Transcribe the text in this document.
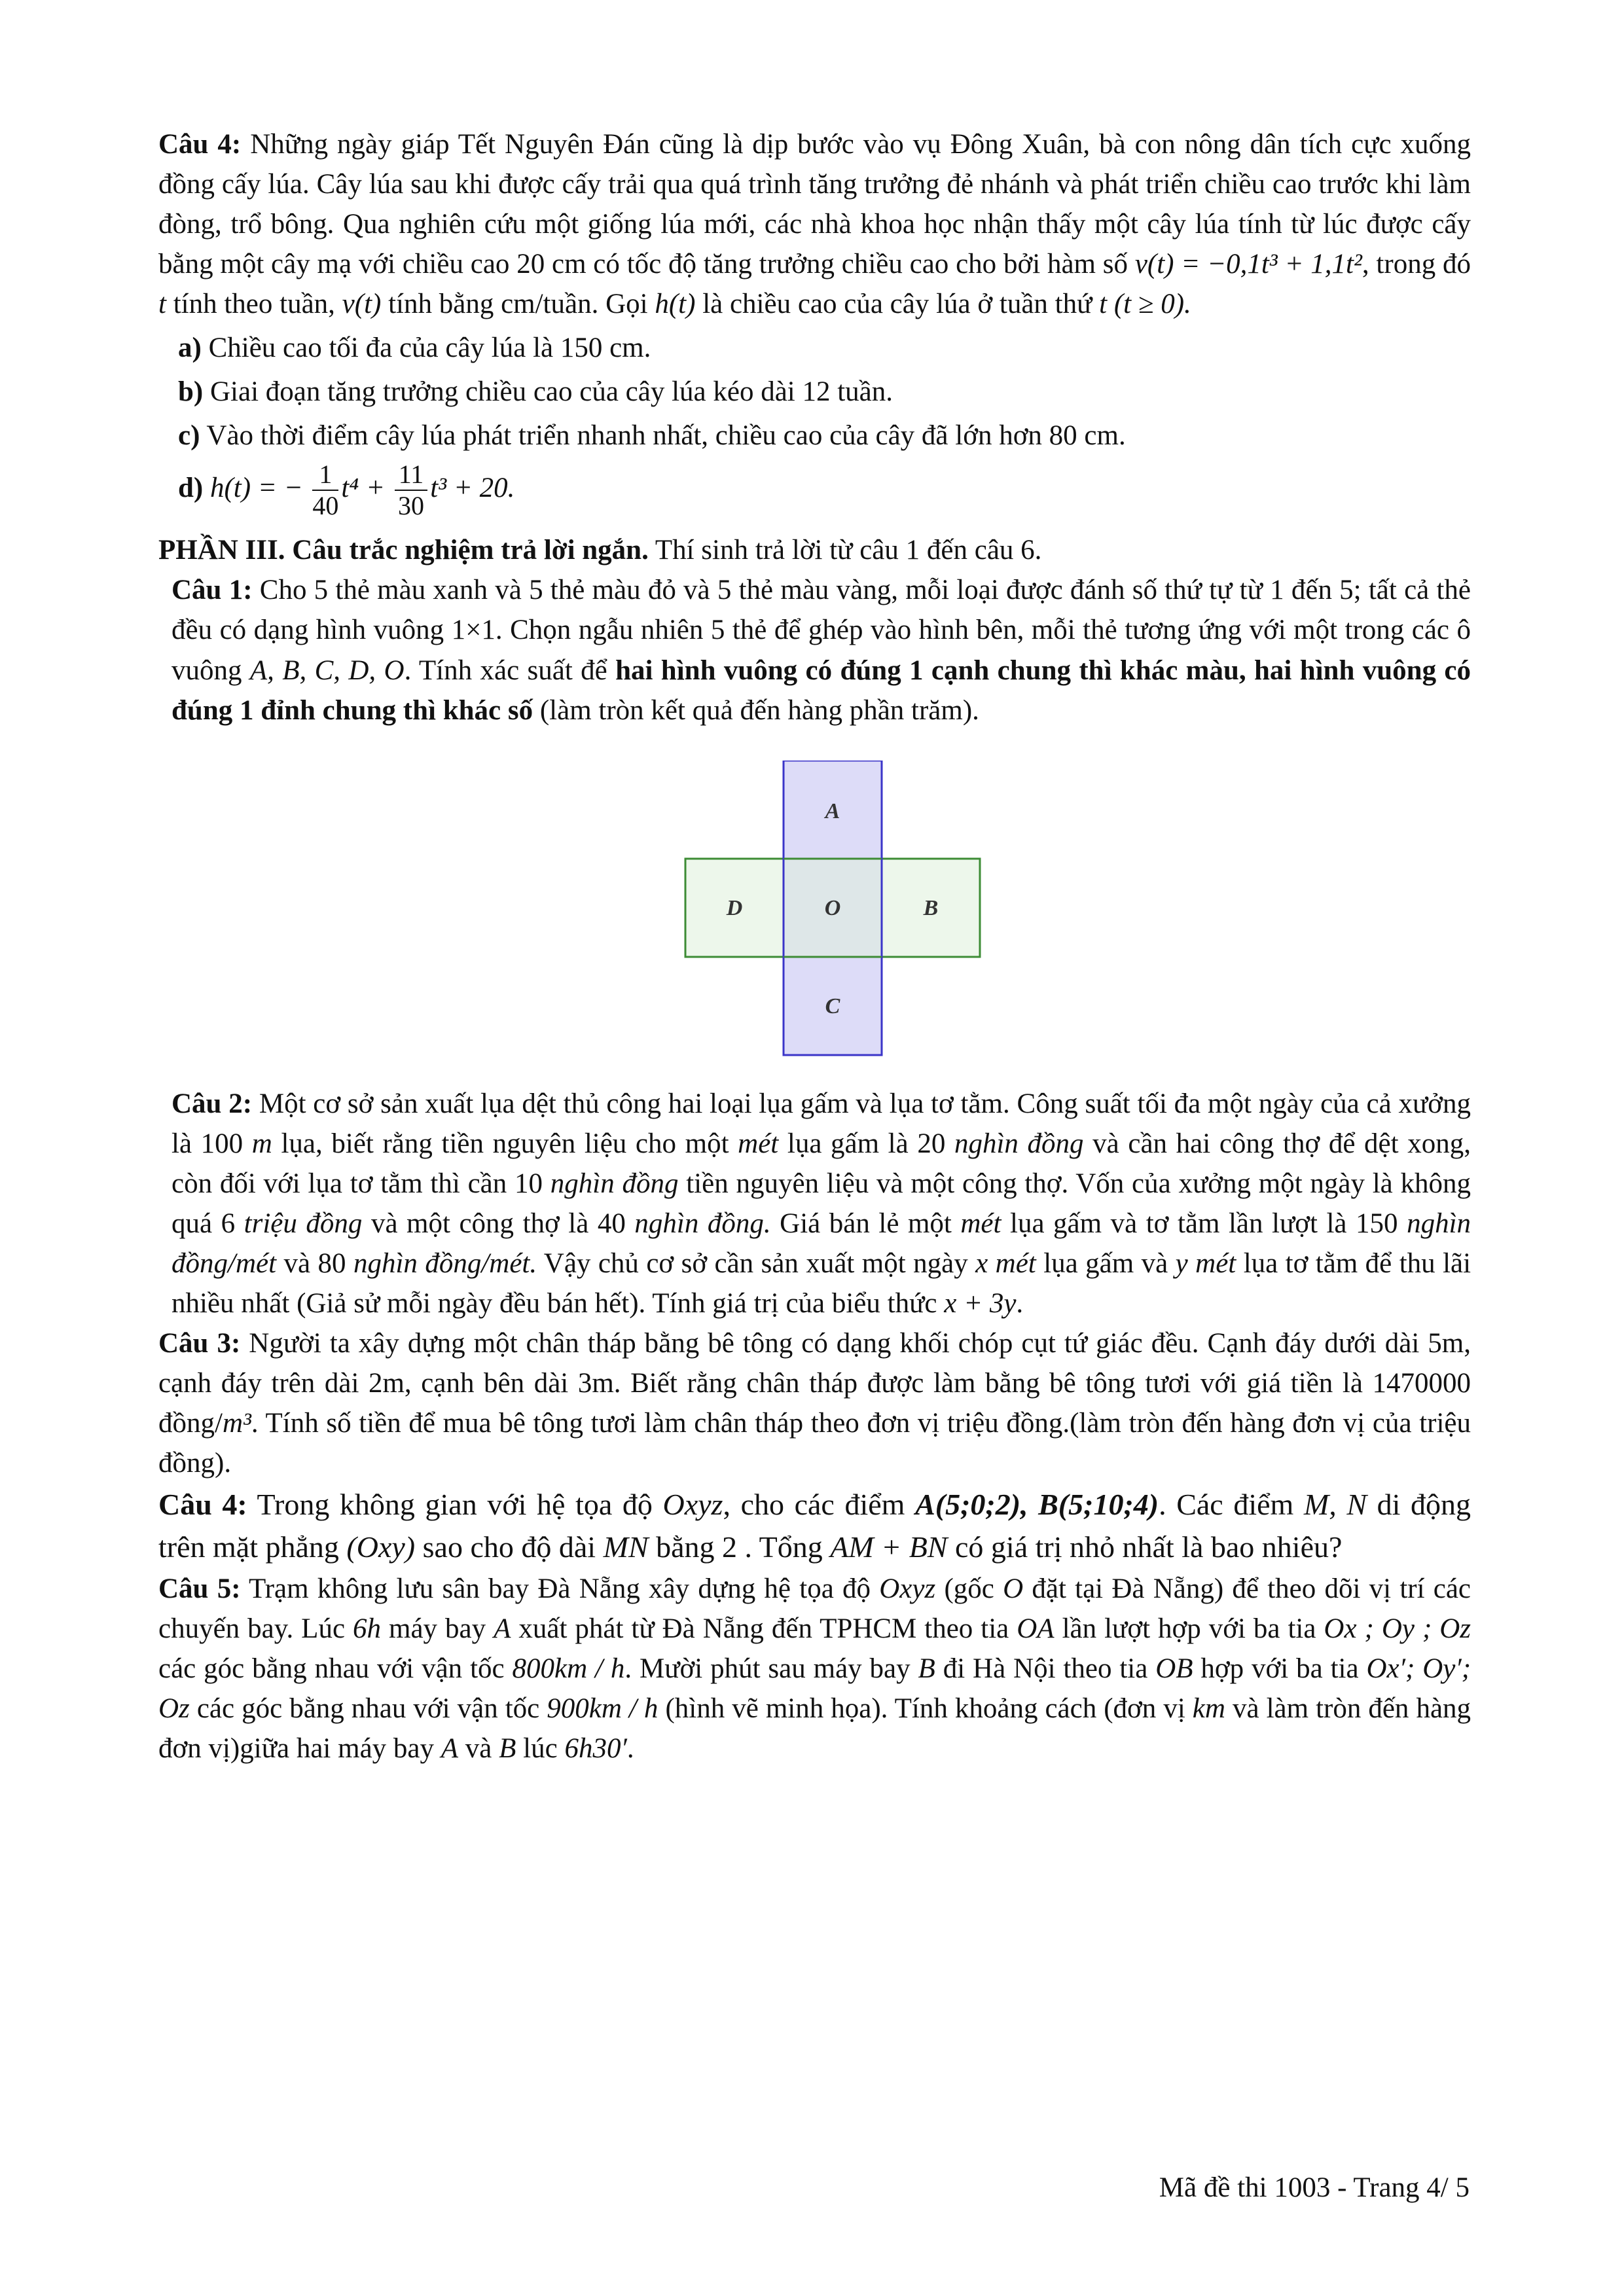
Câu 4: Những ngày giáp Tết Nguyên Đán cũng là dịp bước vào vụ Đông Xuân, bà con nông dân tích cực xuống đồng cấy lúa. Cây lúa sau khi được cấy trải qua quá trình tăng trưởng đẻ nhánh và phát triển chiều cao trước khi làm đòng, trổ bông. Qua nghiên cứu một giống lúa mới, các nhà khoa học nhận thấy một cây lúa tính từ lúc được cấy bằng một cây mạ với chiều cao 20 cm có tốc độ tăng trưởng chiều cao cho bởi hàm số v(t) = −0,1t³ + 1,1t², trong đó t tính theo tuần, v(t) tính bằng cm/tuần. Gọi h(t) là chiều cao của cây lúa ở tuần thứ t (t ≥ 0).

a) Chiều cao tối đa của cây lúa là 150 cm.

b) Giai đoạn tăng trưởng chiều cao của cây lúa kéo dài 12 tuần.

c) Vào thời điểm cây lúa phát triển nhanh nhất, chiều cao của cây đã lớn hơn 80 cm.

d) h(t) = − $\frac{1}{40} t^4 + \frac{11}{30} t^3 + 20$.

PHẦN III. Câu trắc nghiệm trả lời ngắn. Thí sinh trả lời từ câu 1 đến câu 6.

Câu 1: Cho 5 thẻ màu xanh và 5 thẻ màu đỏ và 5 thẻ màu vàng, mỗi loại được đánh số thứ tự từ 1 đến 5; tất cả thẻ đều có dạng hình vuông 1×1. Chọn ngẫu nhiên 5 thẻ để ghép vào hình bên, mỗi thẻ tương ứng với một trong các ô vuông A, B, C, D, O. Tính xác suất để hai hình vuông có đúng 1 cạnh chung thì khác màu, hai hình vuông có đúng 1 đỉnh chung thì khác số (làm tròn kết quả đến hàng phần trăm).

A
D	O	B
C

Câu 2: Một cơ sở sản xuất lụa dệt thủ công hai loại lụa gấm và lụa tơ tằm. Công suất tối đa một ngày của cả xưởng là 100 m lụa, biết rằng tiền nguyên liệu cho một mét lụa gấm là 20 nghìn đồng và cần hai công thợ để dệt xong, còn đối với lụa tơ tằm thì cần 10 nghìn đồng tiền nguyên liệu và một công thợ. Vốn của xưởng một ngày là không quá 6 triệu đồng và một công thợ là 40 nghìn đồng. Giá bán lẻ một mét lụa gấm và tơ tằm lần lượt là 150 nghìn đồng/mét và 80 nghìn đồng/mét. Vậy chủ cơ sở cần sản xuất một ngày x mét lụa gấm và y mét lụa tơ tằm để thu lãi nhiều nhất (Giả sử mỗi ngày đều bán hết). Tính giá trị của biểu thức x + 3y.

Câu 3: Người ta xây dựng một chân tháp bằng bê tông có dạng khối chóp cụt tứ giác đều. Cạnh đáy dưới dài 5m, cạnh đáy trên dài 2m, cạnh bên dài 3m. Biết rằng chân tháp được làm bằng bê tông tươi với giá tiền là 1470000 đồng/m³. Tính số tiền để mua bê tông tươi làm chân tháp theo đơn vị triệu đồng.(làm tròn đến hàng đơn vị của triệu đồng).

Câu 4: Trong không gian với hệ tọa độ Oxyz, cho các điểm A(5;0;2), B(5;10;4). Các điểm M, N di động trên mặt phẳng (Oxy) sao cho độ dài MN bằng 2 . Tổng AM + BN có giá trị nhỏ nhất là bao nhiêu?

Câu 5: Trạm không lưu sân bay Đà Nẵng xây dựng hệ tọa độ Oxyz (gốc O đặt tại Đà Nẵng) để theo dõi vị trí các chuyến bay. Lúc 6h máy bay A xuất phát từ Đà Nẵng đến TPHCM theo tia OA lần lượt hợp với ba tia Ox ; Oy ; Oz các góc bằng nhau với vận tốc 800km / h. Mười phút sau máy bay B đi Hà Nội theo tia OB hợp với ba tia Ox′; Oy′; Oz các góc bằng nhau với vận tốc 900km / h (hình vẽ minh họa). Tính khoảng cách (đơn vị km và làm tròn đến hàng đơn vị)giữa hai máy bay A và B lúc 6h30′.

Mã đề thi 1003 - Trang 4/ 5
